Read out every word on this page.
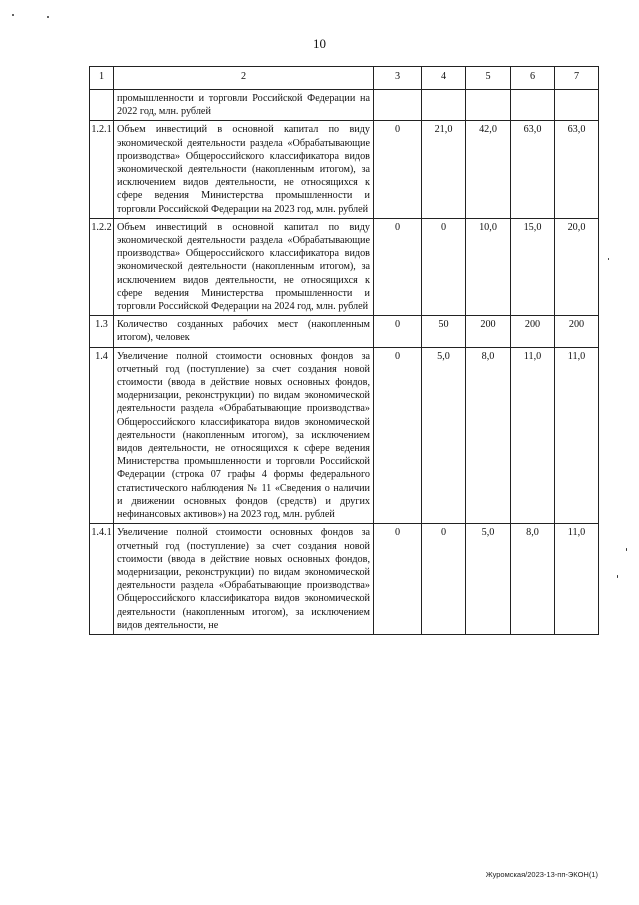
10
1	2	3	4	5	6	7
	промышленности и торговли Российской Федерации на 2022 год, млн. рублей					
1.2.1	Объем инвестиций в основной капитал по виду экономической деятельности раздела «Обрабатывающие производства» Общероссийского классификатора видов экономической деятельности (накопленным итогом), за исключением видов деятельности, не относящихся к сфере ведения Министерства промышленности и торговли Российской Федерации на 2023 год, млн. рублей	0	21,0	42,0	63,0	63,0
1.2.2	Объем инвестиций в основной капитал по виду экономической деятельности раздела «Обрабатывающие производства» Общероссийского классификатора видов экономической деятельности (накопленным итогом), за исключением видов деятельности, не относящихся к сфере ведения Министерства промышленности и торговли Российской Федерации на 2024 год, млн. рублей	0	0	10,0	15,0	20,0
1.3	Количество созданных рабочих мест (накопленным итогом), человек	0	50	200	200	200
1.4	Увеличение полной стоимости основных фондов за отчетный год (поступление) за счет создания новой стоимости (ввода в действие новых основных фондов, модернизации, реконструкции) по видам экономической деятельности раздела «Обрабатывающие производства» Общероссийского классификатора видов экономической деятельности (накопленным итогом), за исключением видов деятельности, не относящихся к сфере ведения Министерства промышленности и торговли Российской Федерации (строка 07 графы 4 формы федерального статистического наблюдения № 11 «Сведения о наличии и движении основных фондов (средств) и других нефинансовых активов») на 2023 год, млн. рублей	0	5,0	8,0	11,0	11,0
1.4.1	Увеличение полной стоимости основных фондов за отчетный год (поступление) за счет создания новой стоимости (ввода в действие новых основных фондов, модернизации, реконструкции) по видам экономической деятельности раздела «Обрабатывающие производства» Общероссийского классификатора видов экономической деятельности (накопленным итогом), за исключением видов деятельности, не	0	0	5,0	8,0	11,0
Журомская/2023-13-пп-ЭКОН(1)
